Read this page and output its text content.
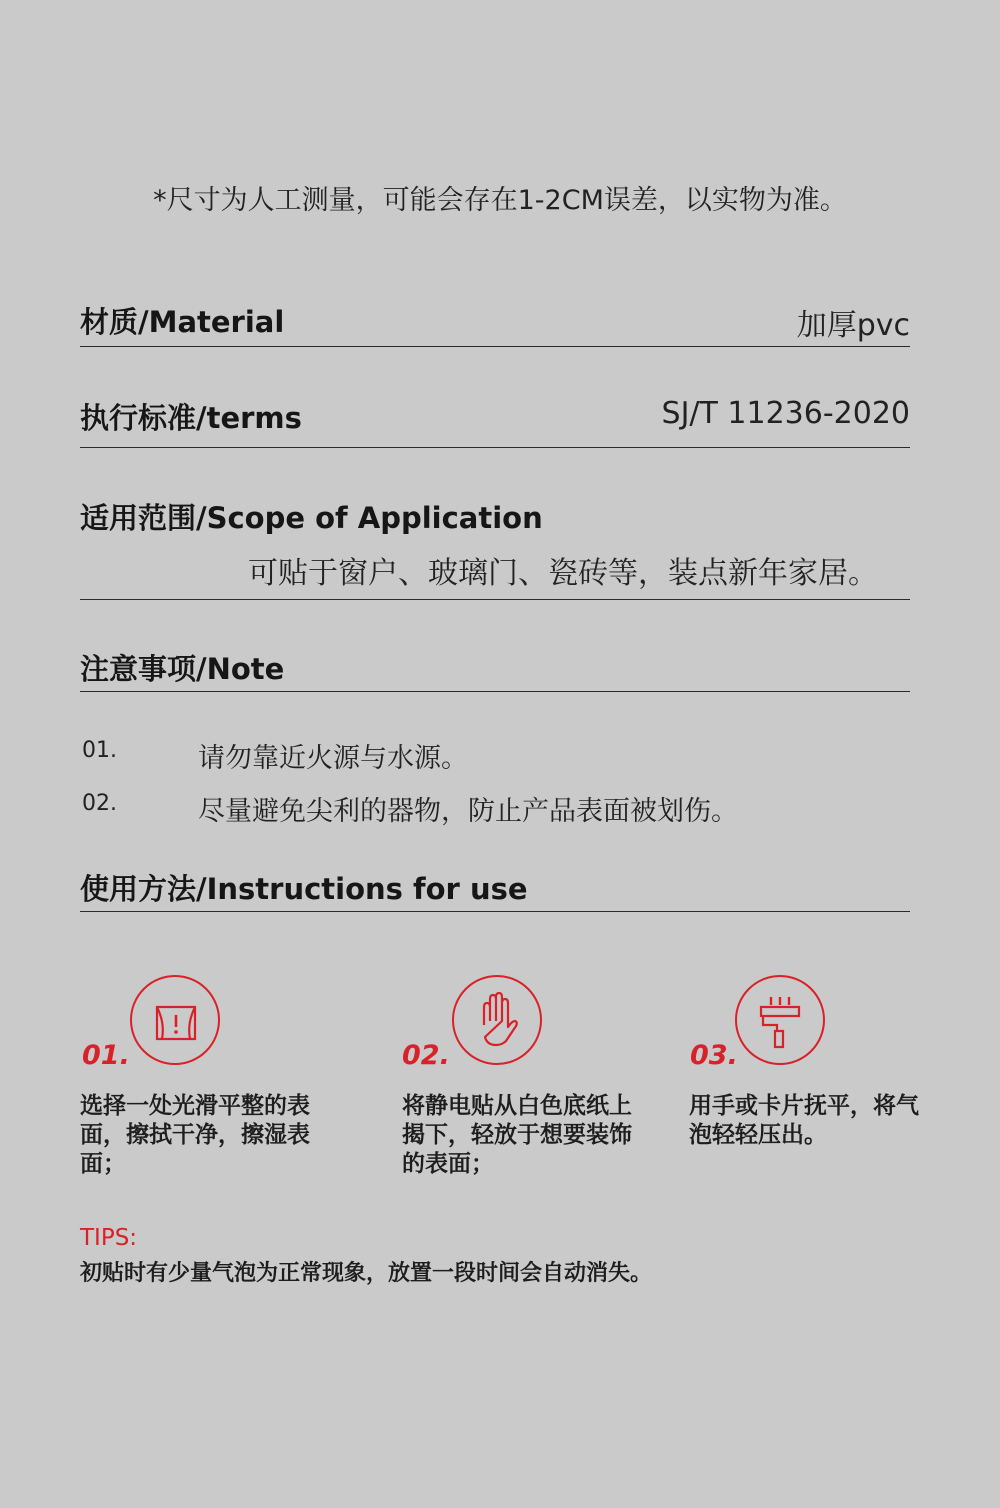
*尺寸为人工测量，可能会存在1-2CM误差，以实物为准。
材质/Material	加厚pvc
执行标准/terms	SJ/T 11236-2020
适用范围/Scope of Application
可贴于窗户、玻璃门、瓷砖等，装点新年家居。
注意事项/Note
01.	请勿靠近火源与水源。
02.	尽量避免尖利的器物，防止产品表面被划伤。
使用方法/Instructions for use
01.
选择一处光滑平整的表面，擦拭干净，擦湿表面；
02.
将静电贴从白色底纸上揭下，轻放于想要装饰的表面；
03.
用手或卡片抚平，将气泡轻轻压出。
TIPS:
初贴时有少量气泡为正常现象，放置一段时间会自动消失。
